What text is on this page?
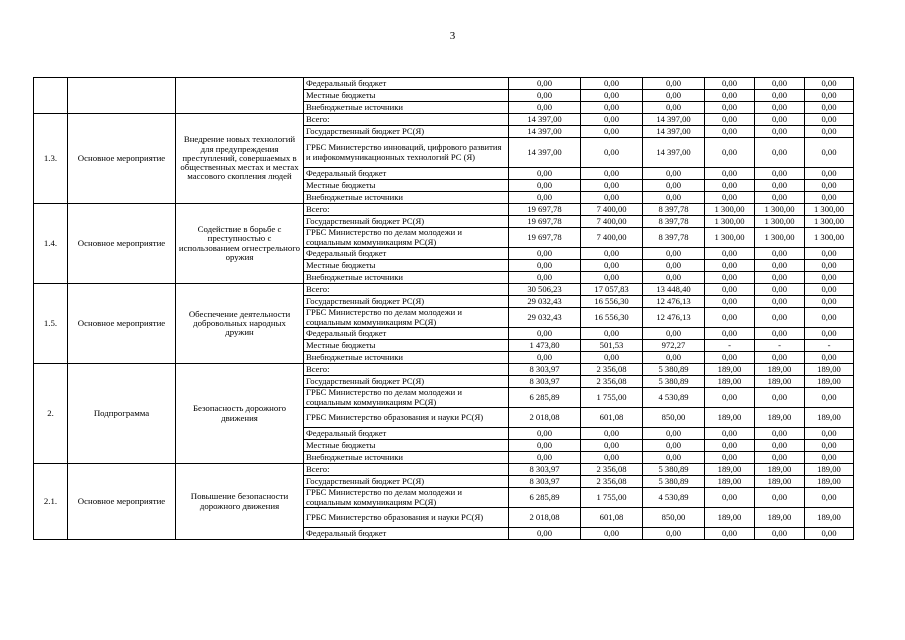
3
			Федеральный бюджет	0,00	0,00	0,00	0,00	0,00	0,00
			Местные бюджеты	0,00	0,00	0,00	0,00	0,00	0,00
			Внебюджетные источники	0,00	0,00	0,00	0,00	0,00	0,00
1.3.	Основное мероприятие	Внедрение новых технологий для предупреждения преступлений, совершаемых в общественных местах и местах массового скопления людей	Всего:	14 397,00	0,00	14 397,00	0,00	0,00	0,00
			Государственный бюджет РС(Я)	14 397,00	0,00	14 397,00	0,00	0,00	0,00
			ГРБС Министерство инноваций, цифрового развития и инфокоммуникационных технологий РС (Я)	14 397,00	0,00	14 397,00	0,00	0,00	0,00
			Федеральный бюджет	0,00	0,00	0,00	0,00	0,00	0,00
			Местные бюджеты	0,00	0,00	0,00	0,00	0,00	0,00
			Внебюджетные источники	0,00	0,00	0,00	0,00	0,00	0,00
1.4.	Основное мероприятие	Содействие в борьбе с преступностью с использованием огнестрельного оружия	Всего:	19 697,78	7 400,00	8 397,78	1 300,00	1 300,00	1 300,00
			Государственный бюджет РС(Я)	19 697,78	7 400,00	8 397,78	1 300,00	1 300,00	1 300,00
			ГРБС Министерство по делам молодежи и социальным коммуникациям РС(Я)	19 697,78	7 400,00	8 397,78	1 300,00	1 300,00	1 300,00
			Федеральный бюджет	0,00	0,00	0,00	0,00	0,00	0,00
			Местные бюджеты	0,00	0,00	0,00	0,00	0,00	0,00
			Внебюджетные источники	0,00	0,00	0,00	0,00	0,00	0,00
1.5.	Основное мероприятие	Обеспечение деятельности добровольных народных дружин	Всего:	30 506,23	17 057,83	13 448,40	0,00	0,00	0,00
			Государственный бюджет РС(Я)	29 032,43	16 556,30	12 476,13	0,00	0,00	0,00
			ГРБС Министерство по делам молодежи и социальным коммуникациям РС(Я)	29 032,43	16 556,30	12 476,13	0,00	0,00	0,00
			Федеральный бюджет	0,00	0,00	0,00	0,00	0,00	0,00
			Местные бюджеты	1 473,80	501,53	972,27	-	-	-
			Внебюджетные источники	0,00	0,00	0,00	0,00	0,00	0,00
2.	Подпрограмма	Безопасность дорожного движения	Всего:	8 303,97	2 356,08	5 380,89	189,00	189,00	189,00
			Государственный бюджет РС(Я)	8 303,97	2 356,08	5 380,89	189,00	189,00	189,00
			ГРБС Министерство по делам молодежи и социальным коммуникациям РС(Я)	6 285,89	1 755,00	4 530,89	0,00	0,00	0,00
			ГРБС Министерство образования и науки РС(Я)	2 018,08	601,08	850,00	189,00	189,00	189,00
			Федеральный бюджет	0,00	0,00	0,00	0,00	0,00	0,00
			Местные бюджеты	0,00	0,00	0,00	0,00	0,00	0,00
			Внебюджетные источники	0,00	0,00	0,00	0,00	0,00	0,00
2.1.	Основное мероприятие	Повышение безопасности дорожного движения	Всего:	8 303,97	2 356,08	5 380,89	189,00	189,00	189,00
			Государственный бюджет РС(Я)	8 303,97	2 356,08	5 380,89	189,00	189,00	189,00
			ГРБС Министерство по делам молодежи и социальным коммуникациям РС(Я)	6 285,89	1 755,00	4 530,89	0,00	0,00	0,00
			ГРБС Министерство образования и науки РС(Я)	2 018,08	601,08	850,00	189,00	189,00	189,00
			Федеральный бюджет	0,00	0,00	0,00	0,00	0,00	0,00
